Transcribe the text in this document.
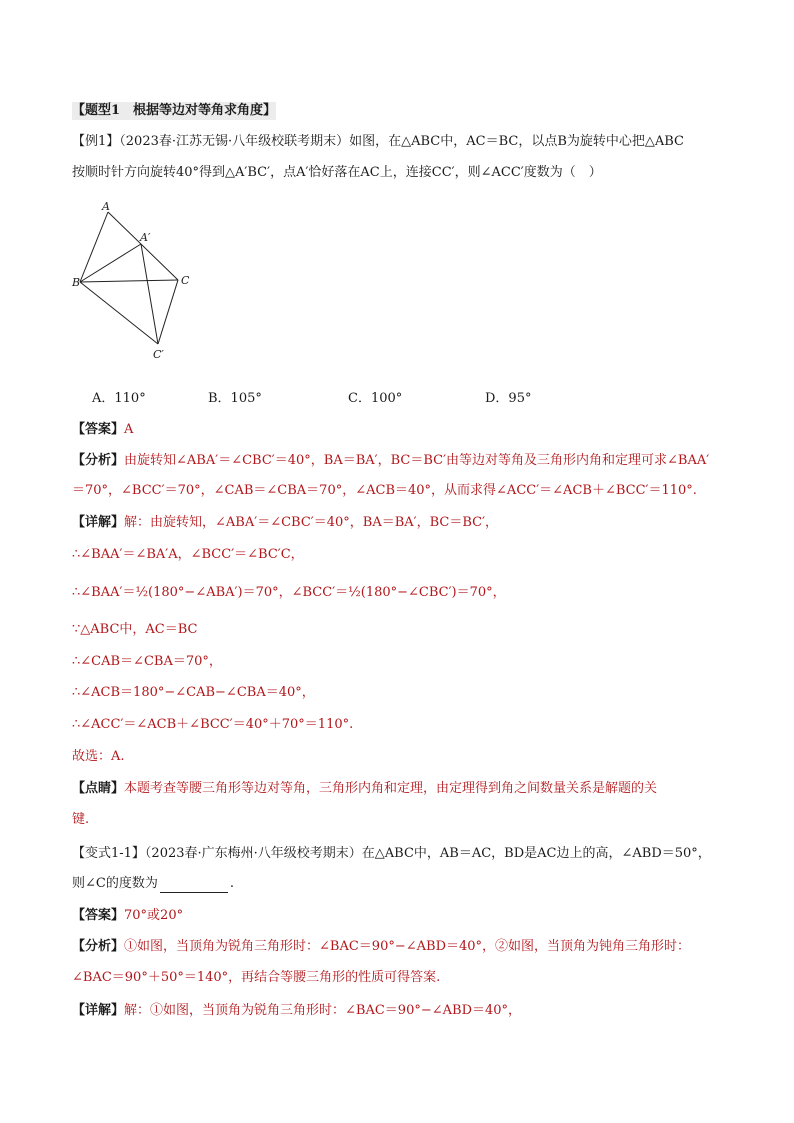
【题型1　根据等边对等角求角度】
【例1】（2023春·江苏无锡·八年级校联考期末）如图，在△ABC中，AC＝BC，以点B为旋转中心把△ABC
按顺时针方向旋转40°得到△A′BC′，点A′恰好落在AC上，连接CC′，则∠ACC′度数为（　）
A
A′
B	C
C′
A．110°	B．105°	C．100°	D．95°
【答案】A
【分析】由旋转知∠ABA′＝∠CBC′＝40°，BA＝BA′，BC＝BC′由等边对等角及三角形内角和定理可求∠BAA′
＝70°，∠BCC′＝70°，∠CAB＝∠CBA＝70°，∠ACB＝40°，从而求得∠ACC′＝∠ACB＋∠BCC′＝110°.
【详解】解：由旋转知，∠ABA′＝∠CBC′＝40°，BA＝BA′，BC＝BC′，
∴∠BAA′＝∠BA′A，∠BCC′＝∠BC′C，
∴∠BAA′＝½(180°−∠ABA′)＝70°，∠BCC′＝½(180°−∠CBC′)＝70°，
∵△ABC中，AC＝BC
∴∠CAB＝∠CBA＝70°，
∴∠ACB＝180°−∠CAB−∠CBA＝40°，
∴∠ACC′＝∠ACB＋∠BCC′＝40°＋70°＝110°.
故选：A.
【点睛】本题考查等腰三角形等边对等角，三角形内角和定理，由定理得到角之间数量关系是解题的关
键.
【变式1-1】（2023春·广东梅州·八年级校考期末）在△ABC中，AB＝AC，BD是AC边上的高，∠ABD＝50°，
则∠C的度数为	.
【答案】70°或20°
【分析】①如图，当顶角为锐角三角形时：∠BAC＝90°−∠ABD＝40°，②如图，当顶角为钝角三角形时：
∠BAC＝90°＋50°＝140°，再结合等腰三角形的性质可得答案.
【详解】解：①如图，当顶角为锐角三角形时：∠BAC＝90°−∠ABD＝40°，
